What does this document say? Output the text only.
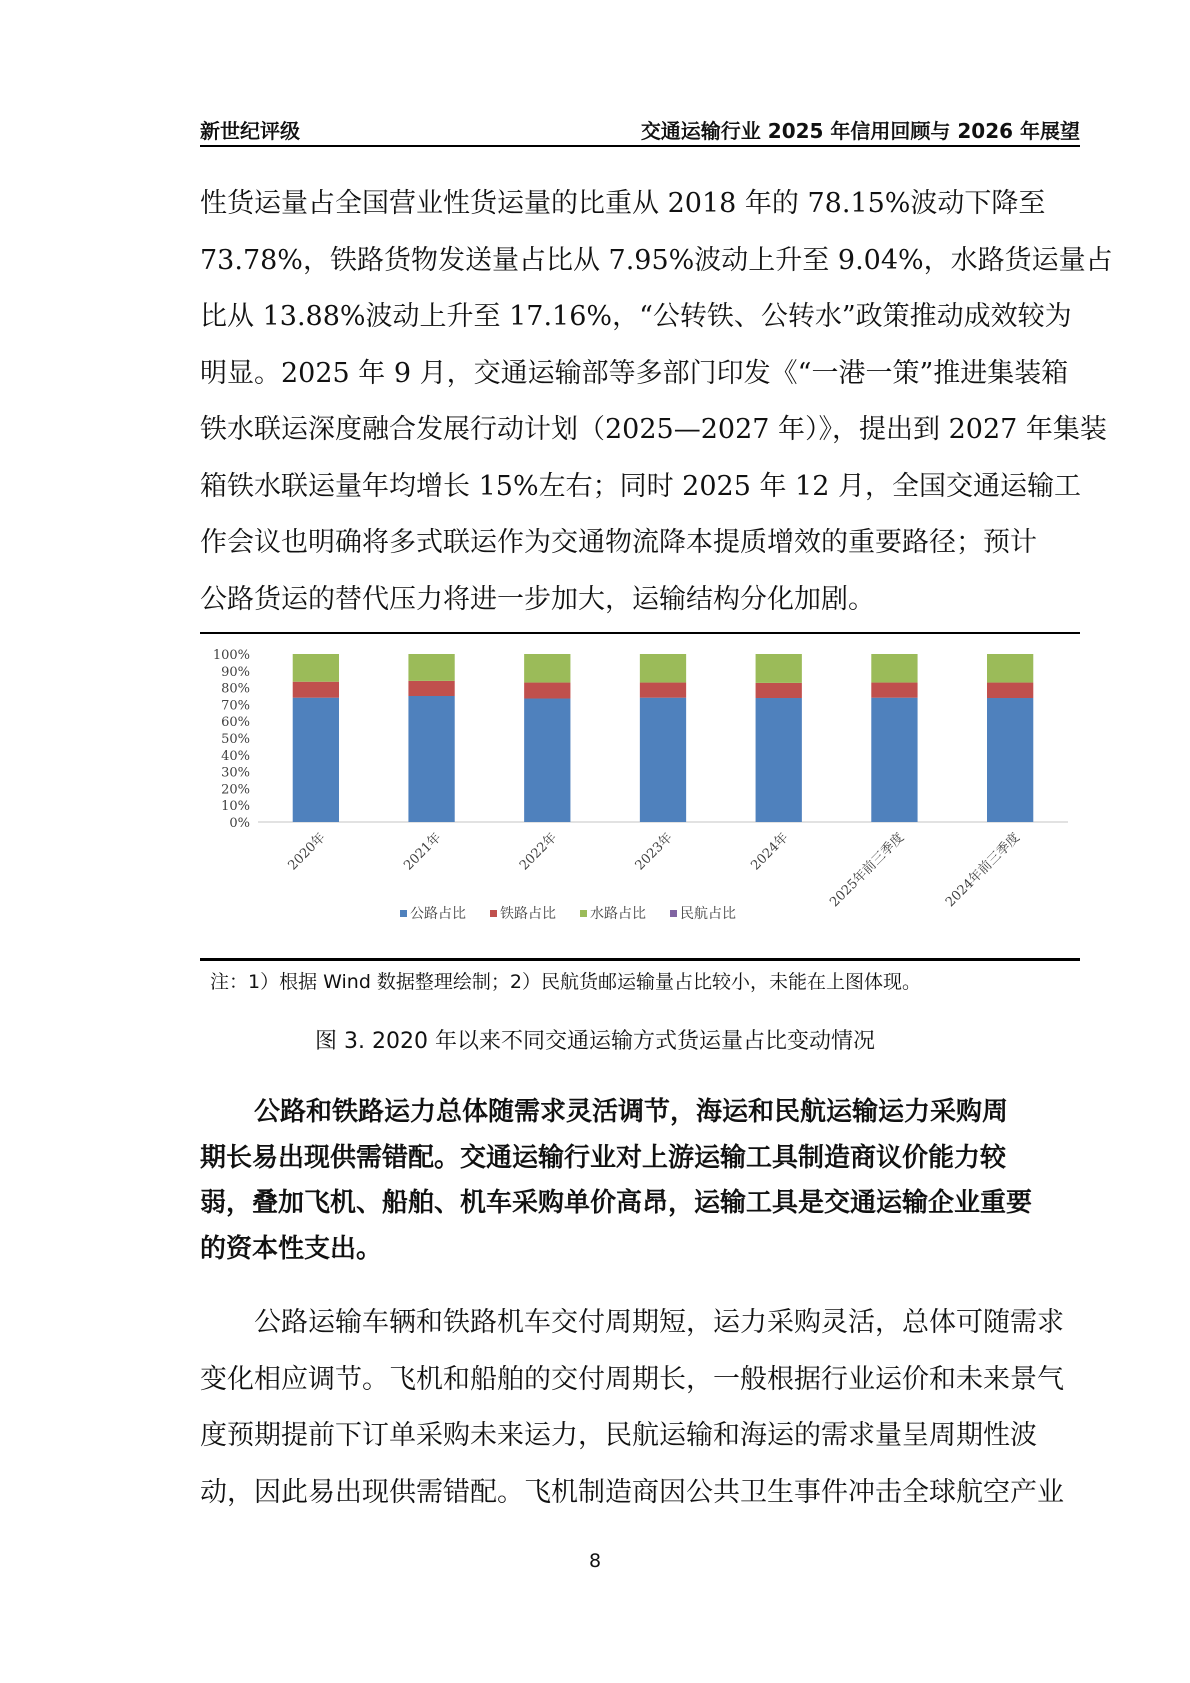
新世纪评级	交通运输行业 2025 年信用回顾与 2026 年展望
性货运量占全国营业性货运量的比重从 2018 年的 78.15%波动下降至
73.78%，铁路货物发送量占比从 7.95%波动上升至 9.04%，水路货运量占
比从 13.88%波动上升至 17.16%，“公转铁、公转水”政策推动成效较为
明显。2025 年 9 月，交通运输部等多部门印发《“一港一策”推进集装箱
铁水联运深度融合发展行动计划（2025—2027 年）》，提出到 2027 年集装
箱铁水联运量年均增长 15%左右；同时 2025 年 12 月，全国交通运输工
作会议也明确将多式联运作为交通物流降本提质增效的重要路径；预计
公路货运的替代压力将进一步加大，运输结构分化加剧。
100%
90%
80%
70%
60%
50%
40%
30%
20%
10%
0%
2020年	2021年	2022年	2023年	2024年	2025年前三季度	2024年前三季度
公路占比 铁路占比 水路占比 民航占比
注：1）根据 Wind 数据整理绘制；2）民航货邮运输量占比较小，未能在上图体现。
图 3. 2020 年以来不同交通运输方式货运量占比变动情况
公路和铁路运力总体随需求灵活调节，海运和民航运输运力采购周
期长易出现供需错配。交通运输行业对上游运输工具制造商议价能力较
弱，叠加飞机、船舶、机车采购单价高昂，运输工具是交通运输企业重要
的资本性支出。
公路运输车辆和铁路机车交付周期短，运力采购灵活，总体可随需求
变化相应调节。飞机和船舶的交付周期长，一般根据行业运价和未来景气
度预期提前下订单采购未来运力，民航运输和海运的需求量呈周期性波
动，因此易出现供需错配。飞机制造商因公共卫生事件冲击全球航空产业
8
